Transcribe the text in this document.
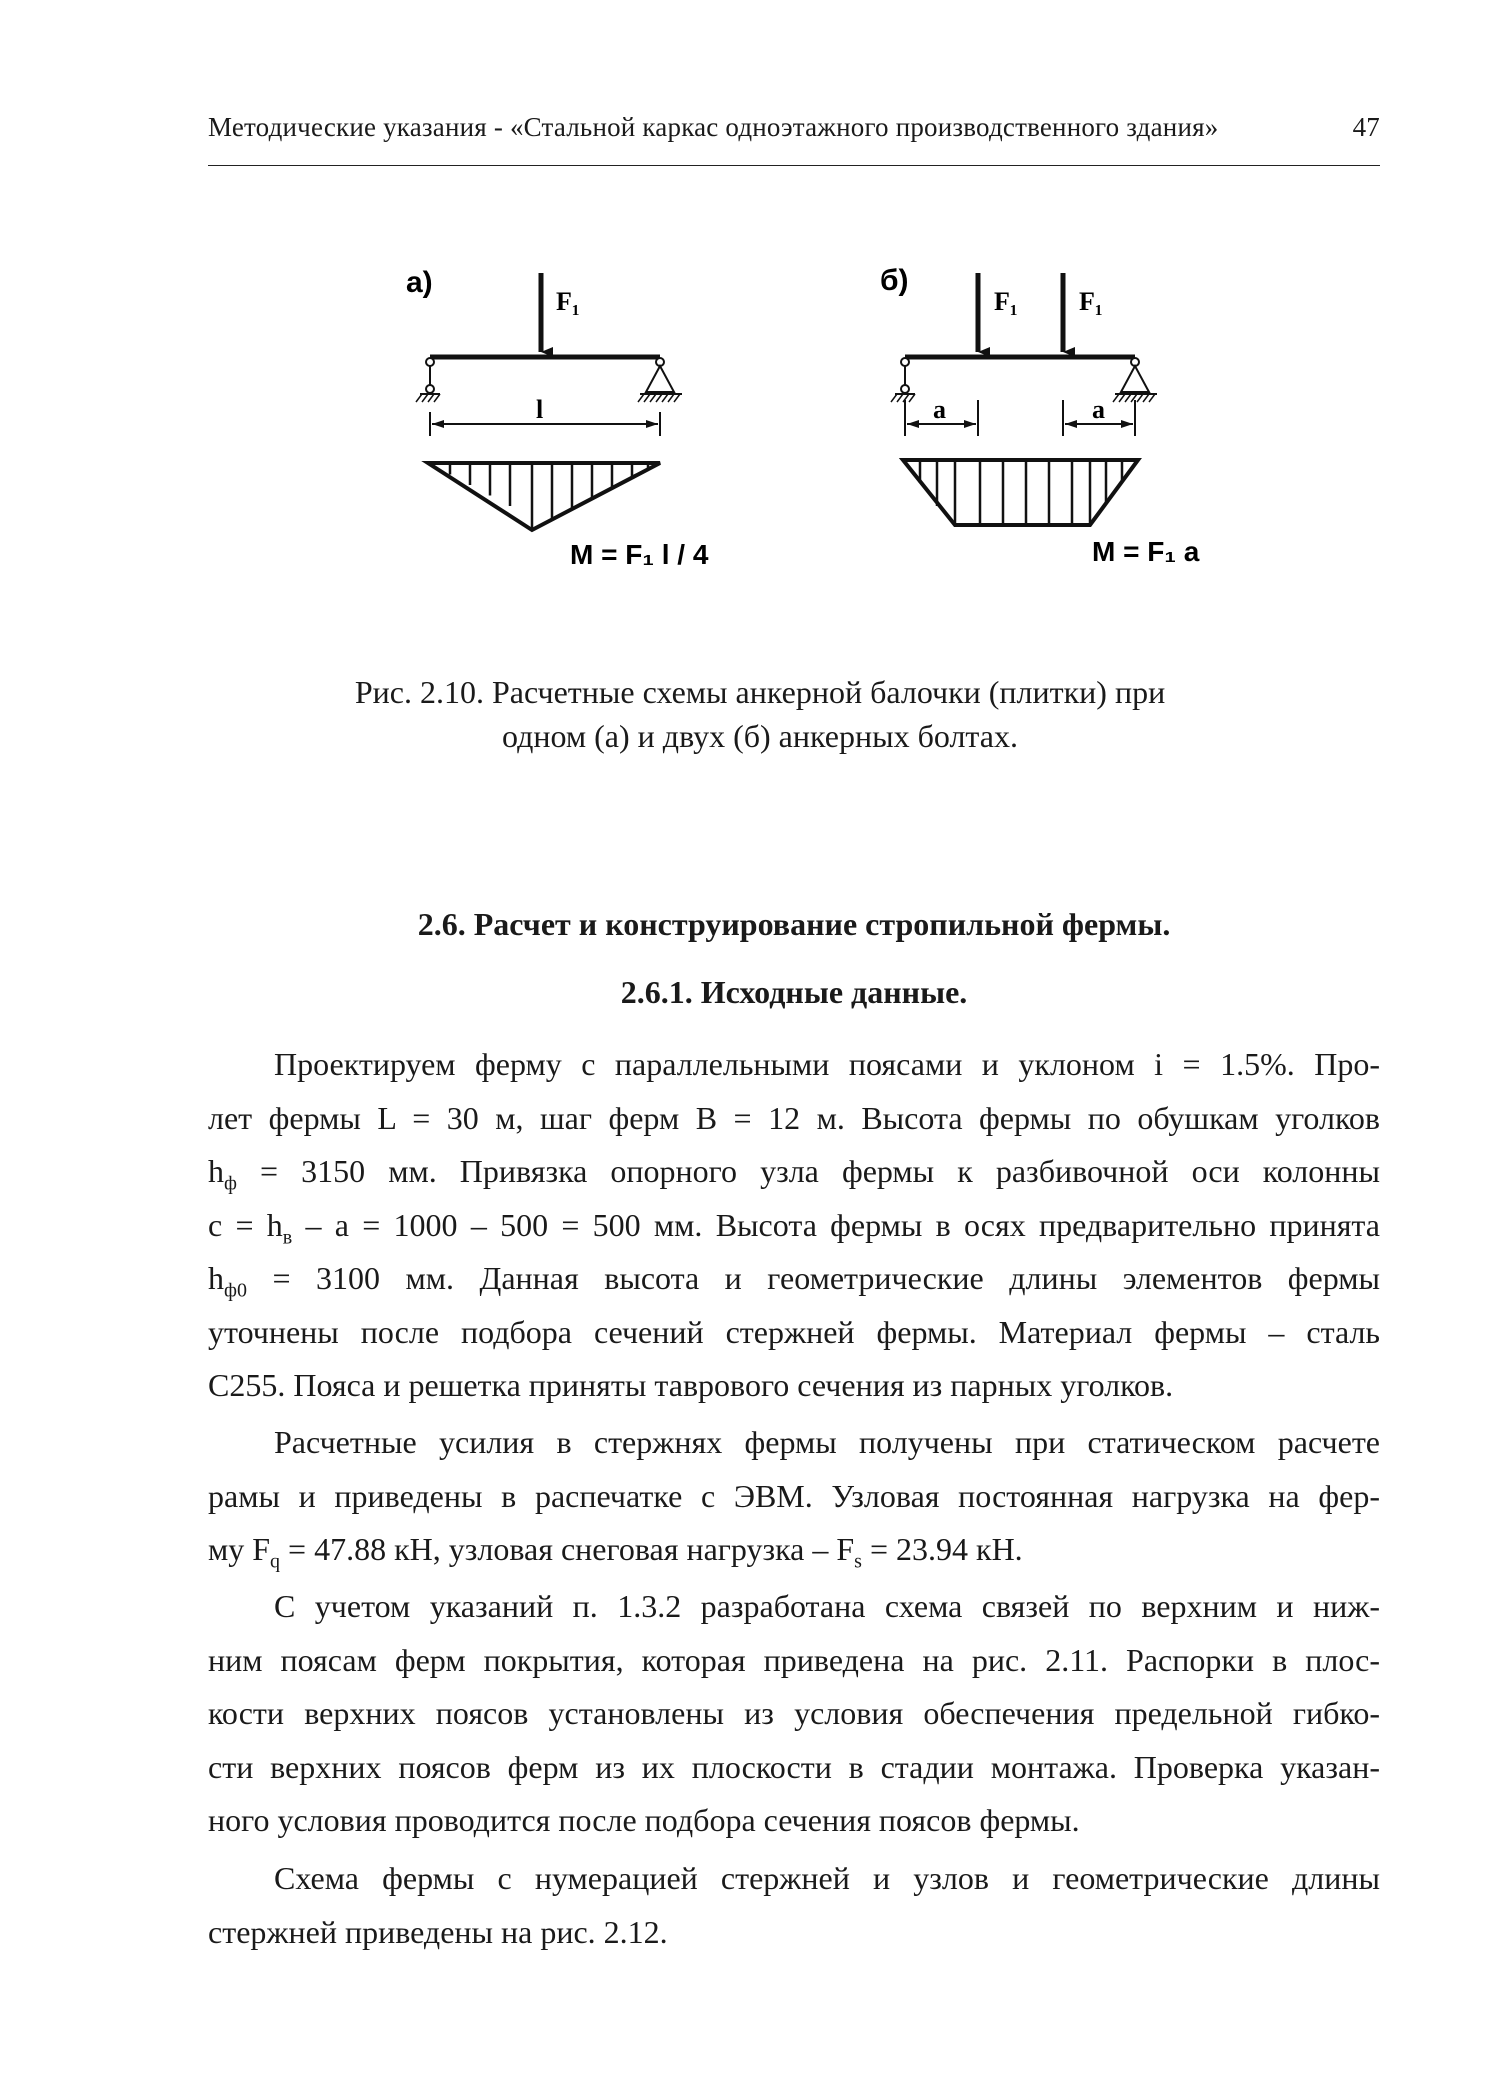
Методические указания - «Стальной каркас одноэтажного производственного здания»	47
а)
F₁
l
M = F₁ l / 4
б)
F₁ F₁
a	a
M = F₁ a
Рис. 2.10. Расчетные схемы анкерной балочки (плитки) при
одном (а) и двух (б) анкерных болтах.
2.6. Расчет и конструирование стропильной фермы.
2.6.1. Исходные данные.
Проектируем ферму с параллельными поясами и уклоном i = 1.5%. Про-
лет фермы L = 30 м, шаг ферм B = 12 м. Высота фермы по обушкам уголков
$h_ф = 3150$ мм. Привязка опорного узла фермы к разбивочной оси колонны
$c = h_в - a = 1000 - 500 = 500$ мм. Высота фермы в осях предварительно принята
$h_{ф0} = 3100$ мм. Данная высота и геометрические длины элементов фермы
уточнены после подбора сечений стержней фермы. Материал фермы – сталь
С255. Пояса и решетка приняты таврового сечения из парных уголков.
Расчетные усилия в стержнях фермы получены при статическом расчете
рамы и приведены в распечатке с ЭВМ. Узловая постоянная нагрузка на фер-
му $F_q = 47.88$ кН, узловая снеговая нагрузка – $F_s = 23.94$ кН.
С учетом указаний п. 1.3.2 разработана схема связей по верхним и ниж-
ним поясам ферм покрытия, которая приведена на рис. 2.11. Распорки в плос-
кости верхних поясов установлены из условия обеспечения предельной гибко-
сти верхних поясов ферм из их плоскости в стадии монтажа. Проверка указан-
ного условия проводится после подбора сечения поясов фермы.
Схема фермы с нумерацией стержней и узлов и геометрические длины
стержней приведены на рис. 2.12.
